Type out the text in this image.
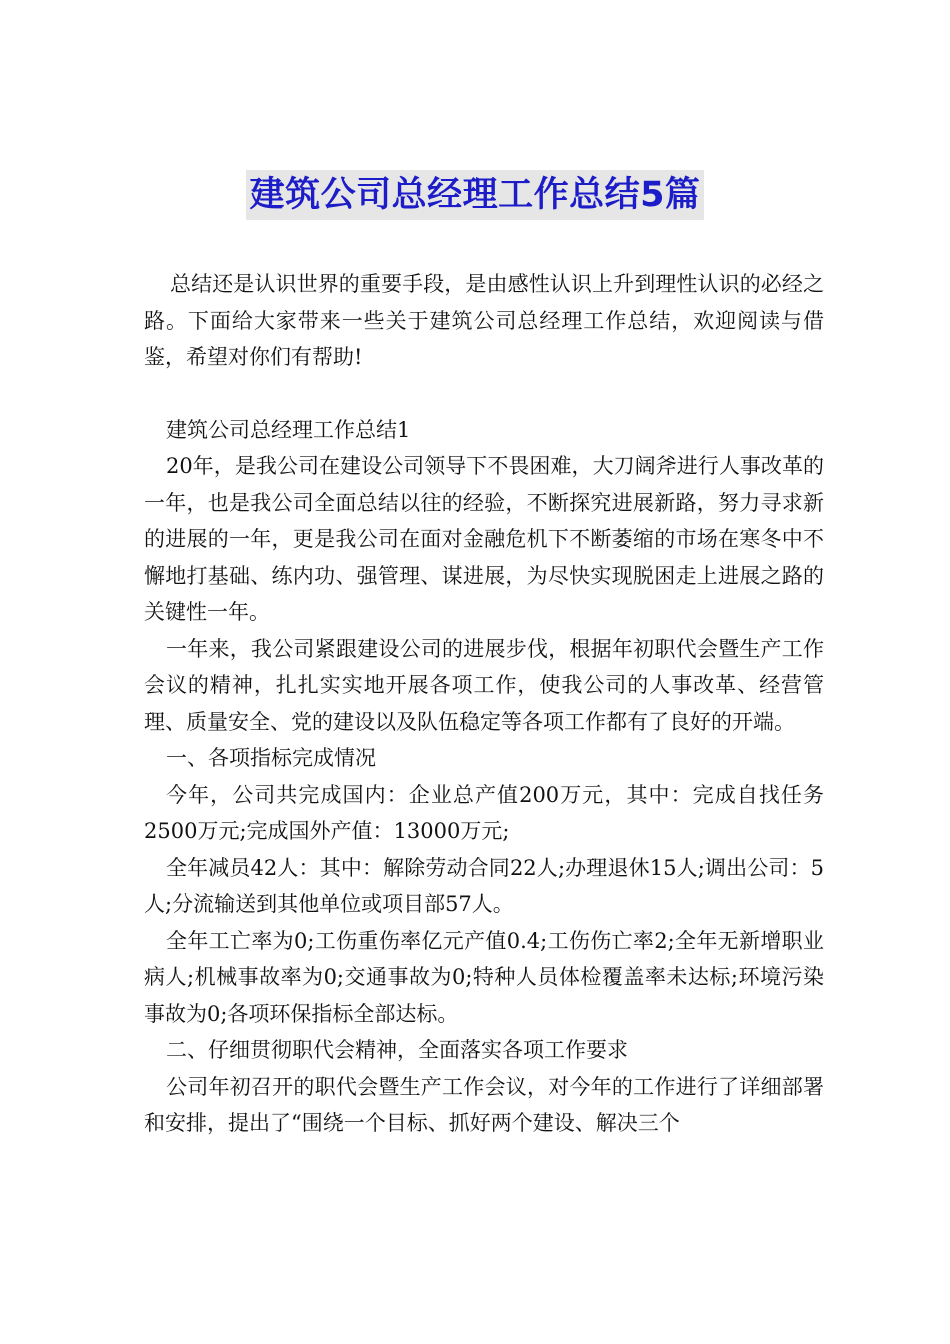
建筑公司总经理工作总结5篇

总结还是认识世界的重要手段，是由感性认识上升到理性认识的必经之路。下面给大家带来一些关于建筑公司总经理工作总结，欢迎阅读与借鉴，希望对你们有帮助!

建筑公司总经理工作总结1

20年，是我公司在建设公司领导下不畏困难，大刀阔斧进行人事改革的一年，也是我公司全面总结以往的经验，不断探究进展新路，努力寻求新的进展的一年，更是我公司在面对金融危机下不断萎缩的市场在寒冬中不懈地打基础、练内功、强管理、谋进展，为尽快实现脱困走上进展之路的关键性一年。

一年来，我公司紧跟建设公司的进展步伐，根据年初职代会暨生产工作会议的精神，扎扎实实地开展各项工作，使我公司的人事改革、经营管理、质量安全、党的建设以及队伍稳定等各项工作都有了良好的开端。

一、各项指标完成情况

今年，公司共完成国内：企业总产值200万元，其中：完成自找任务2500万元;完成国外产值：13000万元;

全年减员42人：其中：解除劳动合同22人;办理退休15人;调出公司：5人;分流输送到其他单位或项目部57人。

全年工亡率为0;工伤重伤率亿元产值0.4;工伤伤亡率2;全年无新增职业病人;机械事故率为0;交通事故为0;特种人员体检覆盖率未达标;环境污染事故为0;各项环保指标全部达标。

二、仔细贯彻职代会精神，全面落实各项工作要求

公司年初召开的职代会暨生产工作会议，对今年的工作进行了详细部署和安排，提出了“围绕一个目标、抓好两个建设、解决三个
